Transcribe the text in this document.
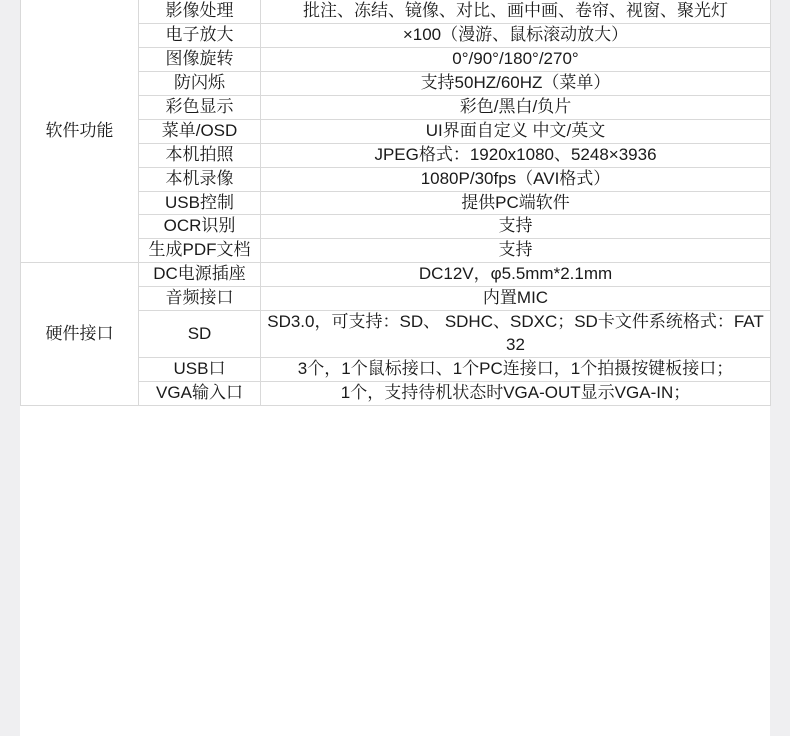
软件功能	影像处理	批注、冻结、镜像、对比、画中画、卷帘、视窗、聚光灯
	电子放大	×100（漫游、鼠标滚动放大）
	图像旋转	0°/90°/180°/270°
	防闪烁	支持50HZ/60HZ（菜单）
	彩色显示	彩色/黑白/负片
	菜单/OSD	UI界面自定义 中文/英文
	本机拍照	JPEG格式：1920x1080、5248×3936
	本机录像	1080P/30fps（AVI格式）
	USB控制	提供PC端软件
	OCR识别	支持
	生成PDF文档	支持
硬件接口	DC电源插座	DC12V，φ5.5mm*2.1mm
	音频接口	内置MIC
	SD	SD3.0，可支持：SD、 SDHC、SDXC；SD卡文件系统格式：FAT 32
	USB口	3个，1个鼠标接口、1个PC连接口，1个拍摄按键板接口；
	VGA输入口	1个，支持待机状态时VGA-OUT显示VGA-IN；
